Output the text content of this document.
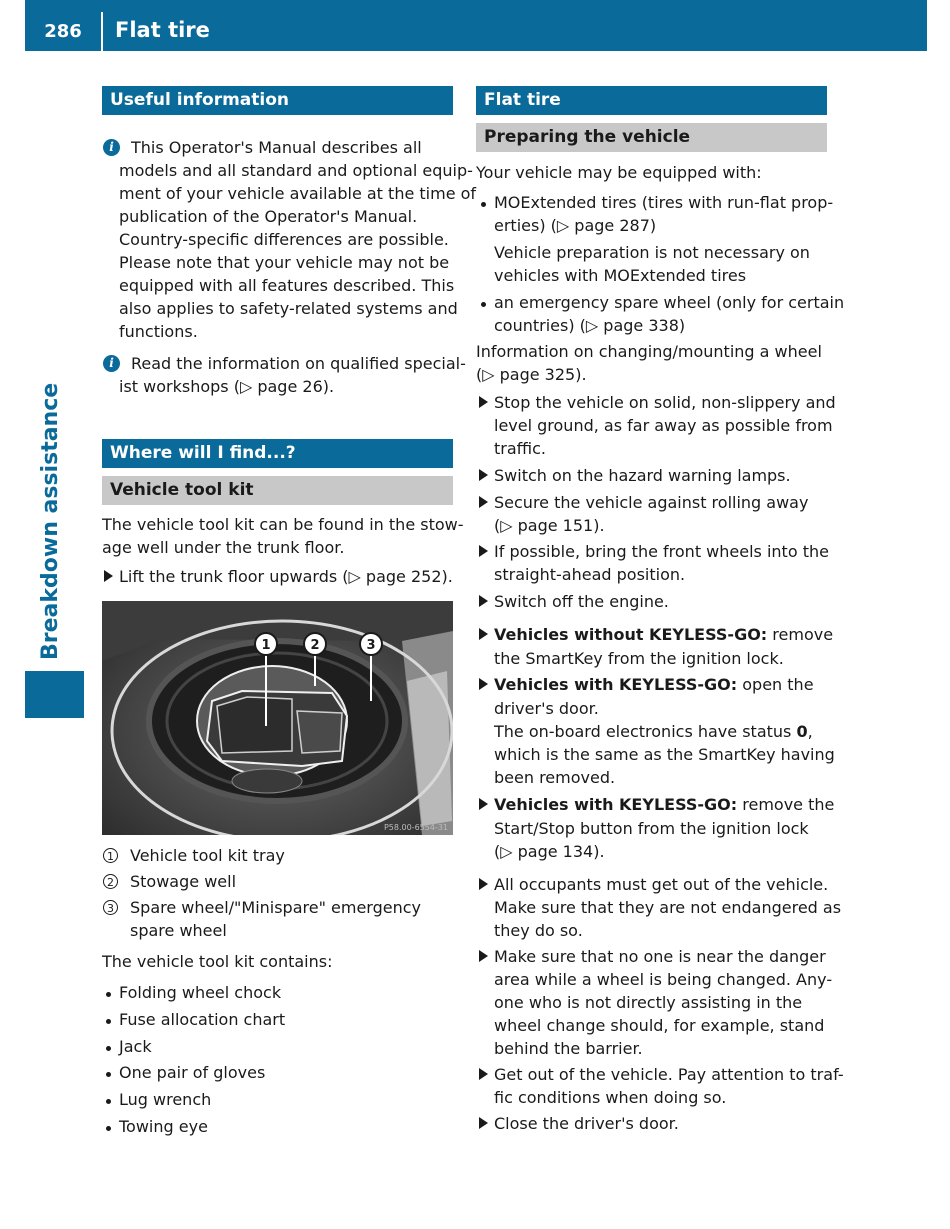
286	Flat tire
Breakdown assistance
Useful information
i	This Operator's Manual describes all
models and all standard and optional equip-
ment of your vehicle available at the time of
publication of the Operator's Manual.
Country-specific differences are possible.
Please note that your vehicle may not be
equipped with all features described. This
also applies to safety-related systems and
functions.
i	Read the information on qualified special-
ist workshops (▷ page 26).
Where will I find...?
Vehicle tool kit
The vehicle tool kit can be found in the stow-
age well under the trunk floor.
Lift the trunk floor upwards (▷ page 252).
1	2	3
P58.00-6554-31
1 Vehicle tool kit tray
2 Stowage well
3 Spare wheel/"Minispare" emergency
spare wheel
The vehicle tool kit contains:
Folding wheel chock
Fuse allocation chart
Jack
One pair of gloves
Lug wrench
Towing eye
Flat tire
Preparing the vehicle
Your vehicle may be equipped with:
MOExtended tires (tires with run-flat prop-
erties) (▷ page 287)
Vehicle preparation is not necessary on
vehicles with MOExtended tires
an emergency spare wheel (only for certain
countries) (▷ page 338)
Information on changing/mounting a wheel
(▷ page 325).
Stop the vehicle on solid, non-slippery and
level ground, as far away as possible from
traffic.
Switch on the hazard warning lamps.
Secure the vehicle against rolling away
(▷ page 151).
If possible, bring the front wheels into the
straight-ahead position.
Switch off the engine.
Vehicles without KEYLESS-GO: remove
the SmartKey from the ignition lock.
Vehicles with KEYLESS-GO: open the
driver's door.
The on-board electronics have status 0,
which is the same as the SmartKey having
been removed.
Vehicles with KEYLESS-GO: remove the
Start/Stop button from the ignition lock
(▷ page 134).
All occupants must get out of the vehicle.
Make sure that they are not endangered as
they do so.
Make sure that no one is near the danger
area while a wheel is being changed. Any-
one who is not directly assisting in the
wheel change should, for example, stand
behind the barrier.
Get out of the vehicle. Pay attention to traf-
fic conditions when doing so.
Close the driver's door.
